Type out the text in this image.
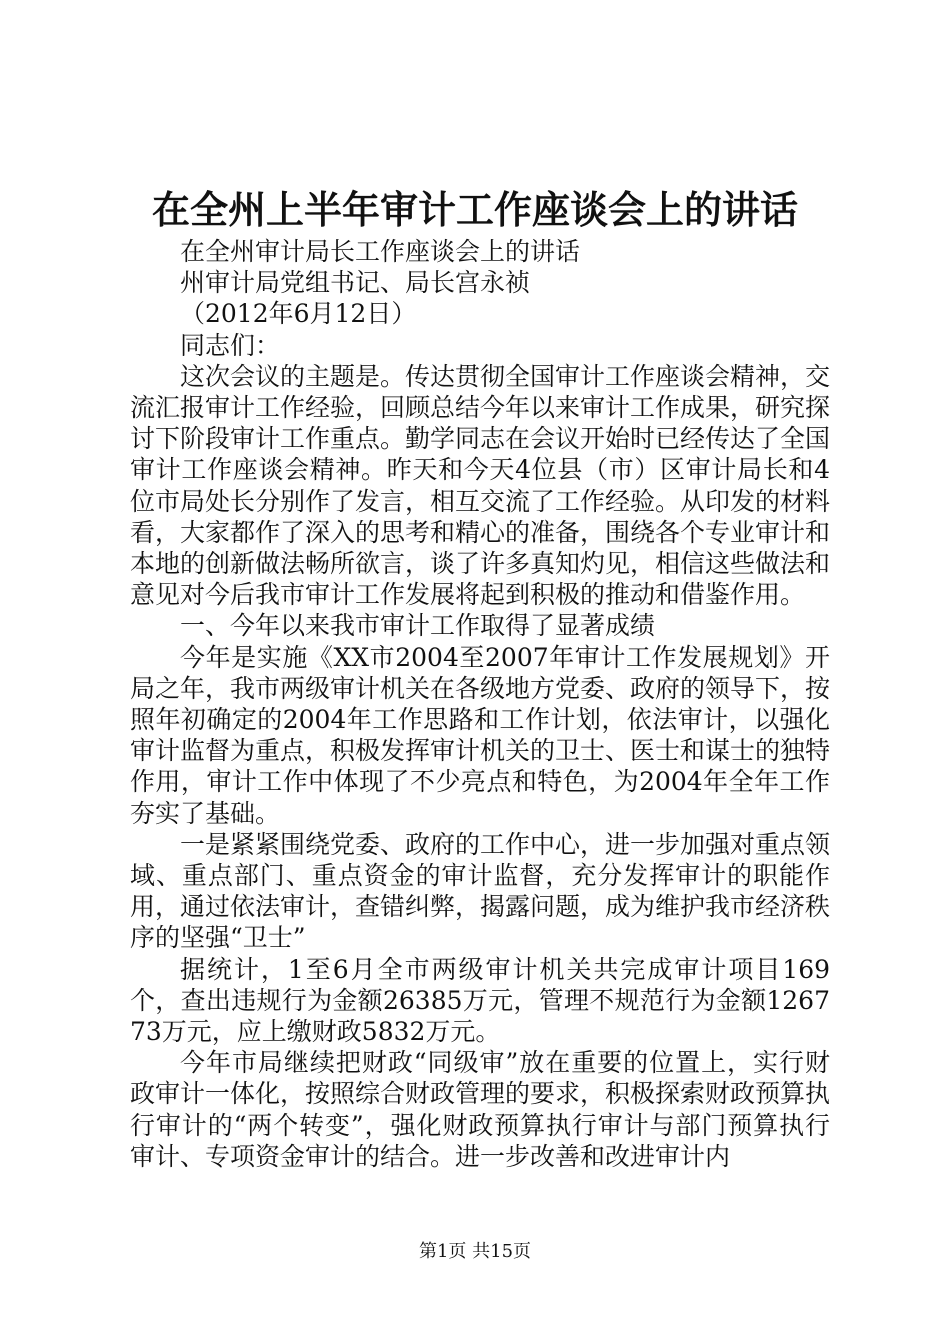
在全州上半年审计工作座谈会上的讲话

在全州审计局长工作座谈会上的讲话

州审计局党组书记、局长宫永祯

（2012年6月12日）

同志们：

这次会议的主题是。传达贯彻全国审计工作座谈会精神，交流汇报审计工作经验，回顾总结今年以来审计工作成果，研究探讨下阶段审计工作重点。勤学同志在会议开始时已经传达了全国审计工作座谈会精神。昨天和今天4位县（市）区审计局长和4位市局处长分别作了发言，相互交流了工作经验。从印发的材料看，大家都作了深入的思考和精心的准备，围绕各个专业审计和本地的创新做法畅所欲言，谈了许多真知灼见，相信这些做法和意见对今后我市审计工作发展将起到积极的推动和借鉴作用。

一、今年以来我市审计工作取得了显著成绩

今年是实施《XX市2004至2007年审计工作发展规划》开局之年，我市两级审计机关在各级地方党委、政府的领导下，按照年初确定的2004年工作思路和工作计划，依法审计，以强化审计监督为重点，积极发挥审计机关的卫士、医士和谋士的独特作用，审计工作中体现了不少亮点和特色，为2004年全年工作夯实了基础。

一是紧紧围绕党委、政府的工作中心，进一步加强对重点领域、重点部门、重点资金的审计监督，充分发挥审计的职能作用，通过依法审计，查错纠弊，揭露问题，成为维护我市经济秩序的坚强“卫士”

据统计，1至6月全市两级审计机关共完成审计项目169个，查出违规行为金额26385万元，管理不规范行为金额126773万元，应上缴财政5832万元。

今年市局继续把财政“同级审”放在重要的位置上，实行财政审计一体化，按照综合财政管理的要求，积极探索财政预算执行审计的“两个转变”，强化财政预算执行审计与部门预算执行审计、专项资金审计的结合。进一步改善和改进审计内

第1页 共15页
